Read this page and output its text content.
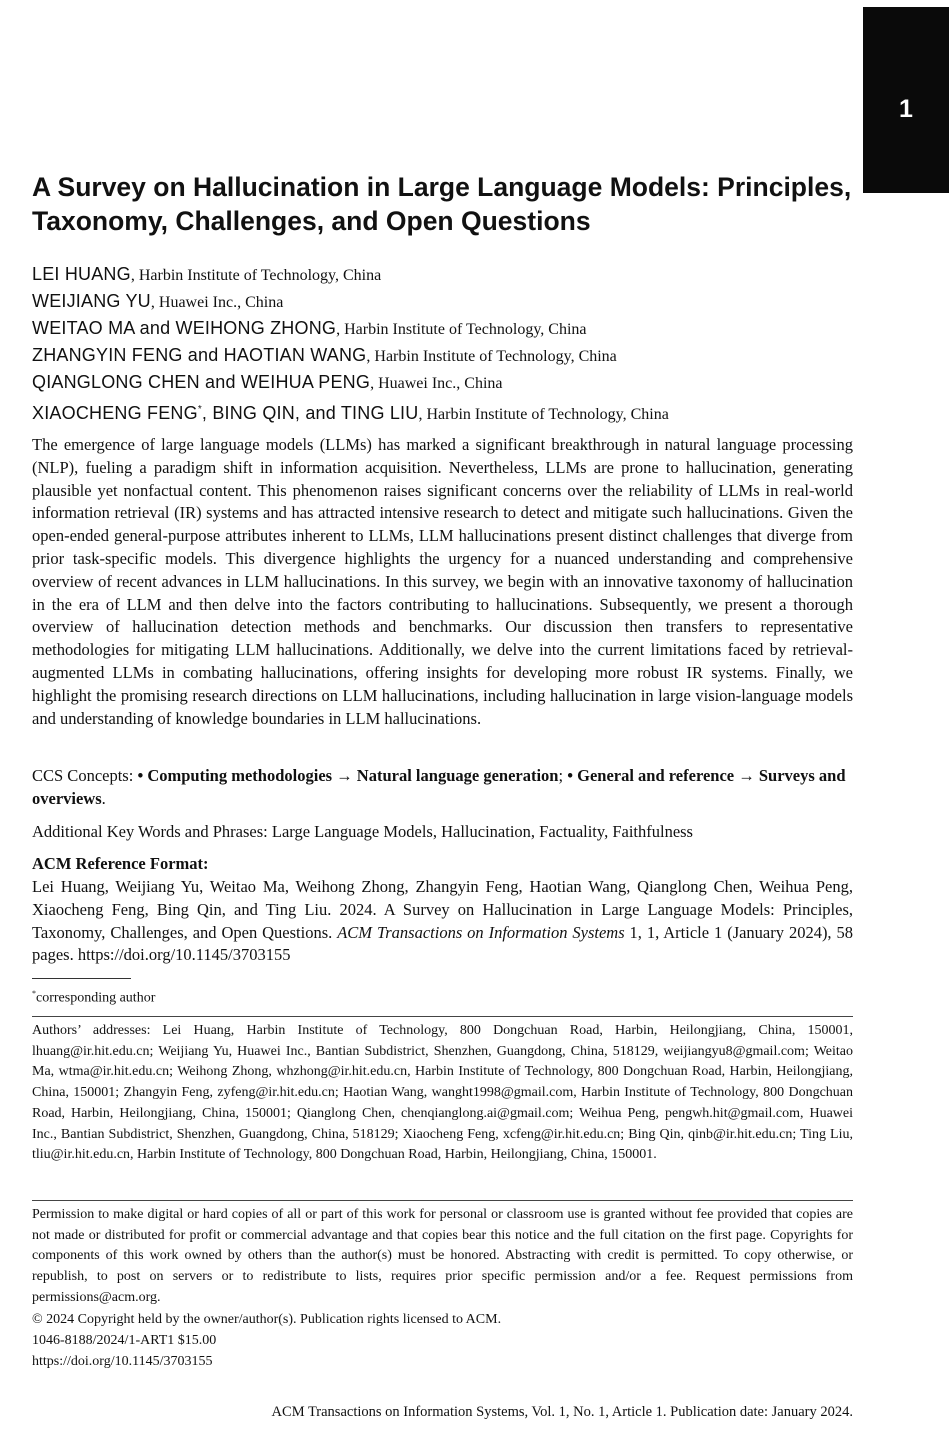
1
A Survey on Hallucination in Large Language Models: Principles, Taxonomy, Challenges, and Open Questions
LEI HUANG, Harbin Institute of Technology, China
WEIJIANG YU, Huawei Inc., China
WEITAO MA and WEIHONG ZHONG, Harbin Institute of Technology, China
ZHANGYIN FENG and HAOTIAN WANG, Harbin Institute of Technology, China
QIANGLONG CHEN and WEIHUA PENG, Huawei Inc., China
XIAOCHENG FENG*, BING QIN, and TING LIU, Harbin Institute of Technology, China

The emergence of large language models (LLMs) has marked a significant breakthrough in natural language processing (NLP), fueling a paradigm shift in information acquisition. Nevertheless, LLMs are prone to hallucination, generating plausible yet nonfactual content. This phenomenon raises significant concerns over the reliability of LLMs in real-world information retrieval (IR) systems and has attracted intensive research to detect and mitigate such hallucinations. Given the open-ended general-purpose attributes inherent to LLMs, LLM hallucinations present distinct challenges that diverge from prior task-specific models. This divergence highlights the urgency for a nuanced understanding and comprehensive overview of recent advances in LLM hallucinations. In this survey, we begin with an innovative taxonomy of hallucination in the era of LLM and then delve into the factors contributing to hallucinations. Subsequently, we present a thorough overview of hallucination detection methods and benchmarks. Our discussion then transfers to representative methodologies for mitigating LLM hallucinations. Additionally, we delve into the current limitations faced by retrieval-augmented LLMs in combating hallucinations, offering insights for developing more robust IR systems. Finally, we highlight the promising research directions on LLM hallucinations, including hallucination in large vision-language models and understanding of knowledge boundaries in LLM hallucinations.

CCS Concepts: • Computing methodologies → Natural language generation; • General and reference → Surveys and overviews.

Additional Key Words and Phrases: Large Language Models, Hallucination, Factuality, Faithfulness

ACM Reference Format:

Lei Huang, Weijiang Yu, Weitao Ma, Weihong Zhong, Zhangyin Feng, Haotian Wang, Qianglong Chen, Weihua Peng, Xiaocheng Feng, Bing Qin, and Ting Liu. 2024. A Survey on Hallucination in Large Language Models: Principles, Taxonomy, Challenges, and Open Questions. ACM Transactions on Information Systems 1, 1, Article 1 (January 2024), 58 pages. https://doi.org/10.1145/3703155

*corresponding author

Authors’ addresses: Lei Huang, Harbin Institute of Technology, 800 Dongchuan Road, Harbin, Heilongjiang, China, 150001, lhuang@ir.hit.edu.cn; Weijiang Yu, Huawei Inc., Bantian Subdistrict, Shenzhen, Guangdong, China, 518129, weijiangyu8@gmail.com; Weitao Ma, wtma@ir.hit.edu.cn; Weihong Zhong, whzhong@ir.hit.edu.cn, Harbin Institute of Technology, 800 Dongchuan Road, Harbin, Heilongjiang, China, 150001; Zhangyin Feng, zyfeng@ir.hit.edu.cn; Haotian Wang, wanght1998@gmail.com, Harbin Institute of Technology, 800 Dongchuan Road, Harbin, Heilongjiang, China, 150001; Qianglong Chen, chenqianglong.ai@gmail.com; Weihua Peng, pengwh.hit@gmail.com, Huawei Inc., Bantian Subdistrict, Shenzhen, Guangdong, China, 518129; Xiaocheng Feng, xcfeng@ir.hit.edu.cn; Bing Qin, qinb@ir.hit.edu.cn; Ting Liu, tliu@ir.hit.edu.cn, Harbin Institute of Technology, 800 Dongchuan Road, Harbin, Heilongjiang, China, 150001.

Permission to make digital or hard copies of all or part of this work for personal or classroom use is granted without fee provided that copies are not made or distributed for profit or commercial advantage and that copies bear this notice and the full citation on the first page. Copyrights for components of this work owned by others than the author(s) must be honored. Abstracting with credit is permitted. To copy otherwise, or republish, to post on servers or to redistribute to lists, requires prior specific permission and/or a fee. Request permissions from permissions@acm.org.

© 2024 Copyright held by the owner/author(s). Publication rights licensed to ACM.

1046-8188/2024/1-ART1 $15.00

https://doi.org/10.1145/3703155

ACM Transactions on Information Systems, Vol. 1, No. 1, Article 1. Publication date: January 2024.
